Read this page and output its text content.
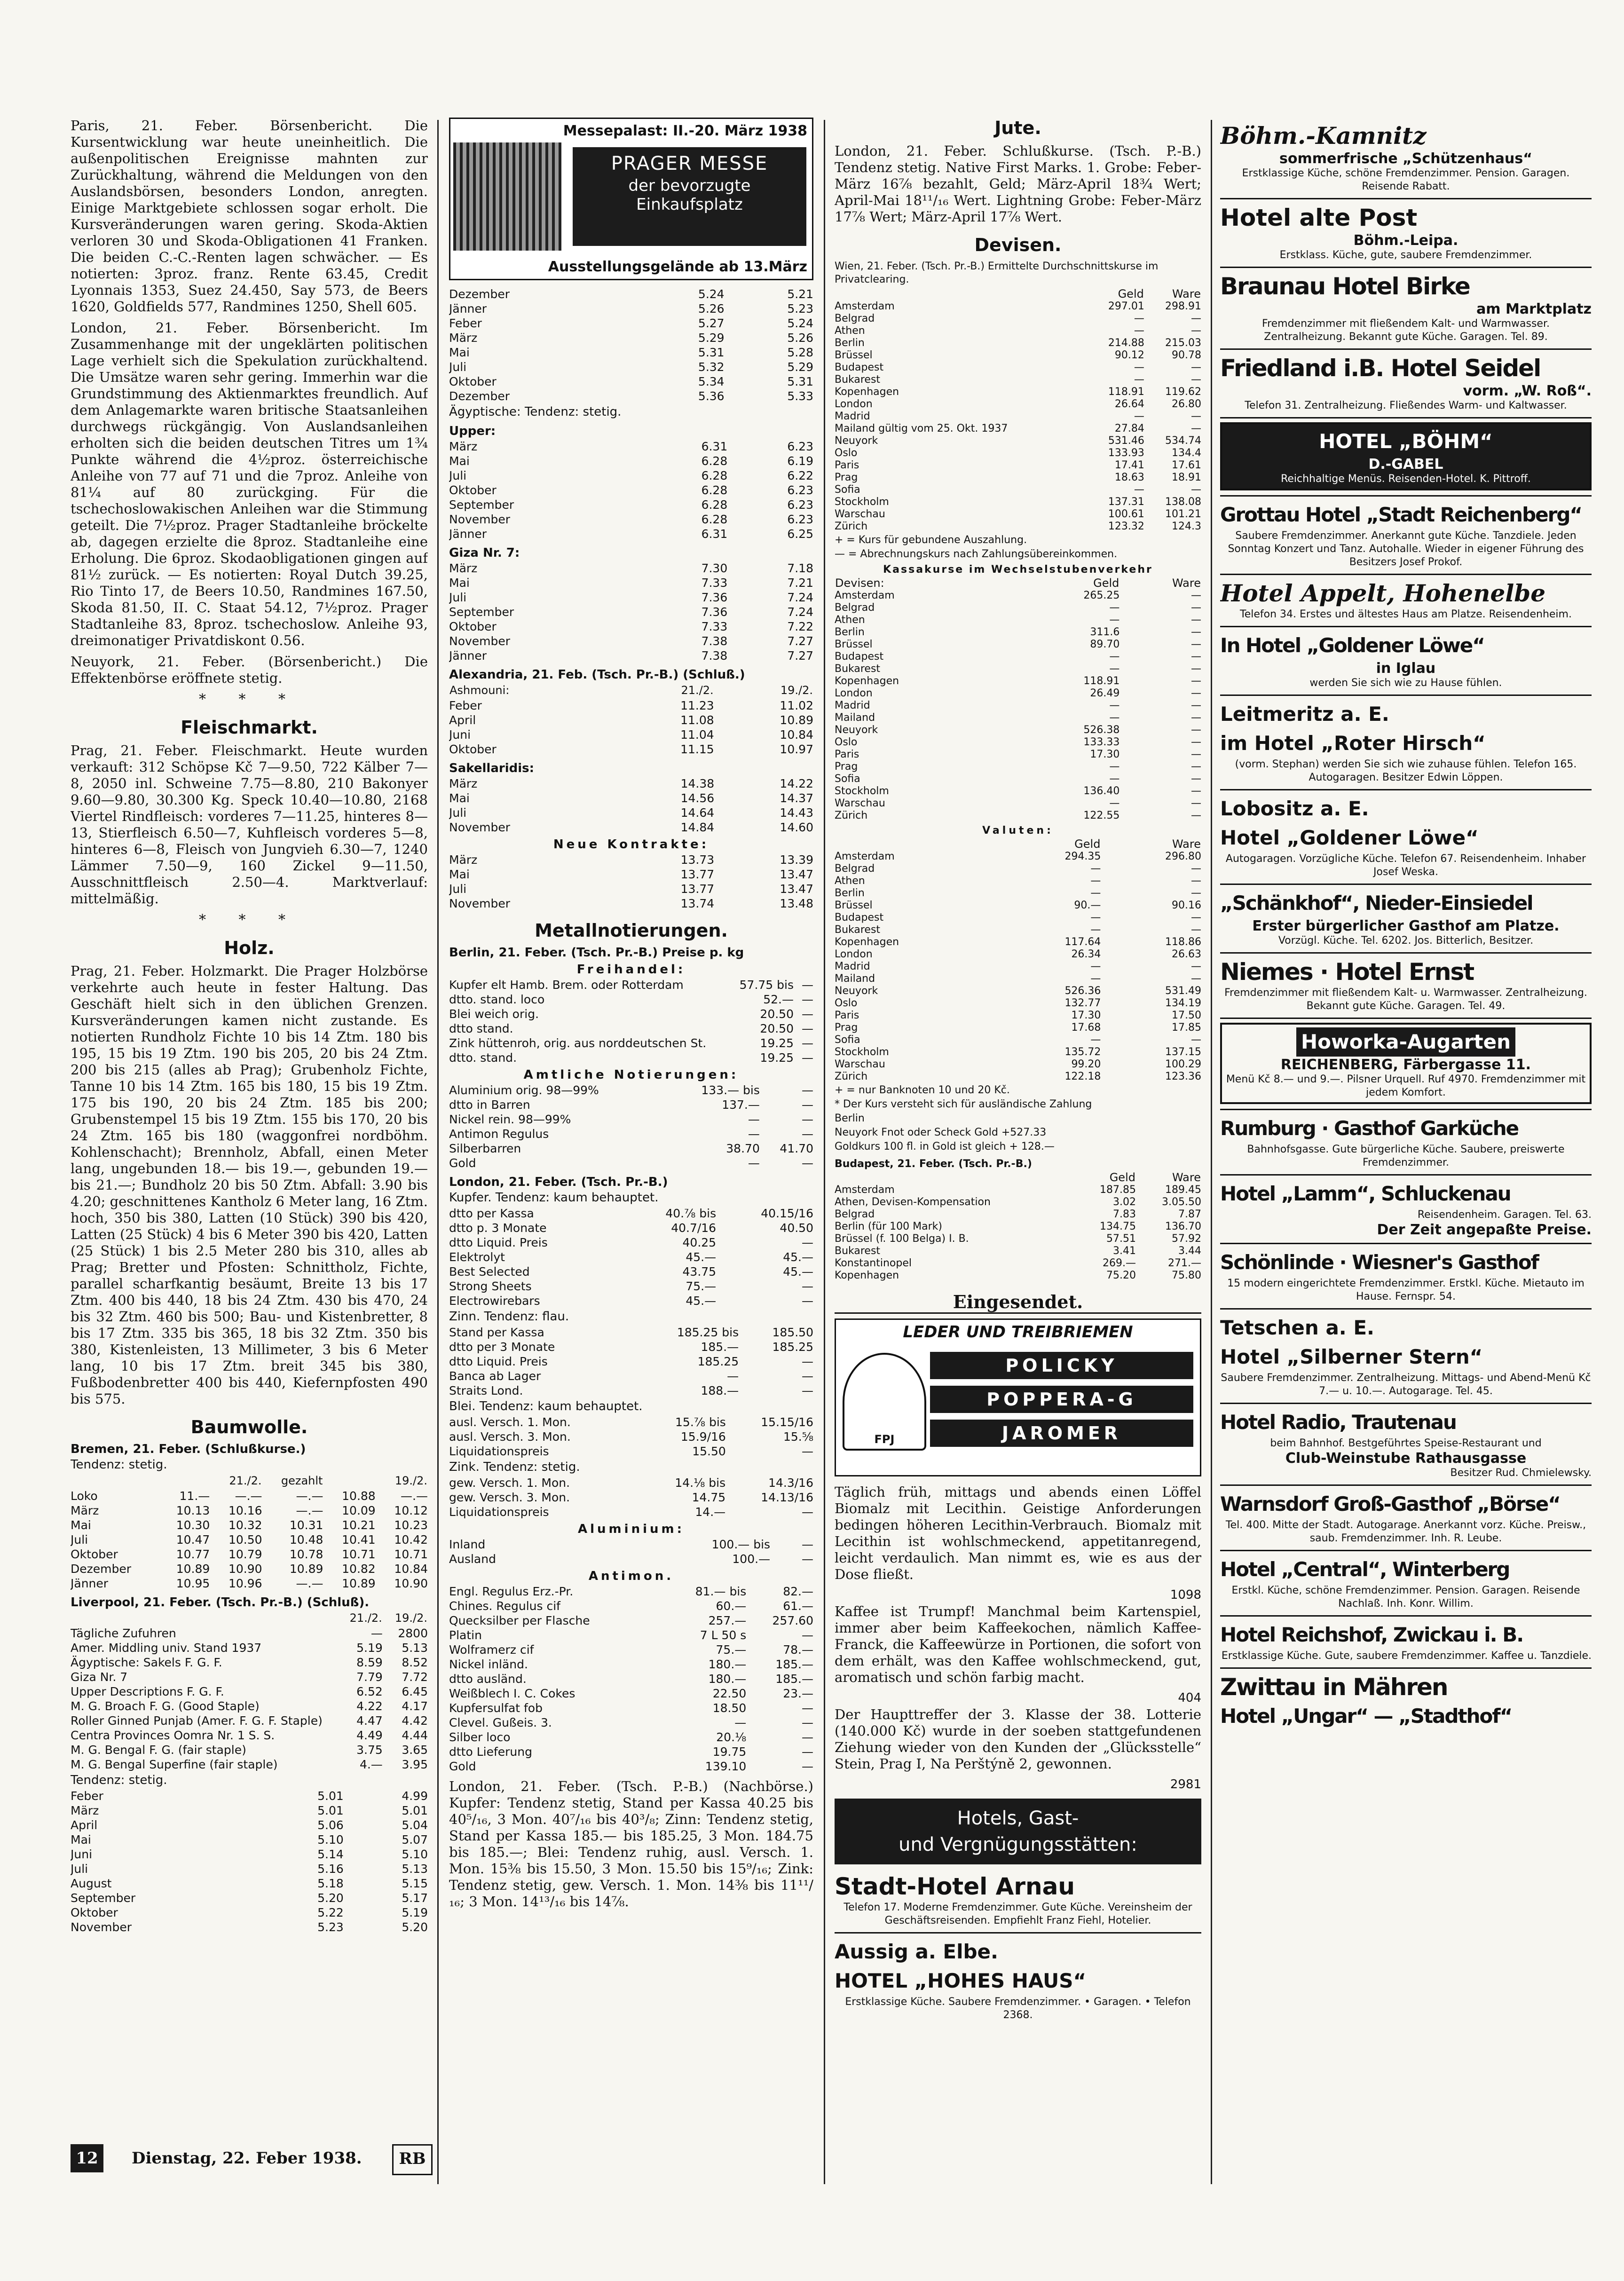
Paris, 21. Feber. Börsenbericht. Die Kursentwicklung war heute uneinheitlich. Die außenpolitischen Ereignisse mahnten zur Zurückhaltung, während die Meldungen von den Auslandsbörsen, besonders London, anregten. Einige Marktgebiete schlossen sogar erholt. Die Kursveränderungen waren gering. Skoda-Aktien verloren 30 und Skoda-Obligationen 41 Franken. Die beiden C.-C.-Renten lagen schwächer. — Es notierten: 3proz. franz. Rente 63.45, Credit Lyonnais 1353, Suez 24.450, Say 573, de Beers 1620, Goldfields 577, Randmines 1250, Shell 605.

London, 21. Feber. Börsenbericht. Im Zusammenhange mit der ungeklärten politischen Lage verhielt sich die Spekulation zurückhaltend. Die Umsätze waren sehr gering. Immerhin war die Grundstimmung des Aktienmarktes freundlich. Auf dem Anlagemarkte waren britische Staatsanleihen durchwegs rückgängig. Von Auslandsanleihen erholten sich die beiden deutschen Titres um 1¾ Punkte während die 4½proz. österreichische Anleihe von 77 auf 71 und die 7proz. Anleihe von 81¼ auf 80 zurückging. Für die tschechoslowakischen Anleihen war die Stimmung geteilt. Die 7½proz. Prager Stadtanleihe bröckelte ab, dagegen erzielte die 8proz. Stadtanleihe eine Erholung. Die 6proz. Skodaobligationen gingen auf 81½ zurück. — Es notierten: Royal Dutch 39.25, Rio Tinto 17, de Beers 10.50, Randmines 167.50, Skoda 81.50, II. C. Staat 54.12, 7½proz. Prager Stadtanleihe 83, 8proz. tschechoslow. Anleihe 93, dreimonatiger Privatdiskont 0.56.

Neuyork, 21. Feber. (Börsenbericht.) Die Effektenbörse eröffnete stetig.

* * *
Fleischmarkt.

Prag, 21. Feber. Fleischmarkt. Heute wurden verkauft: 312 Schöpse Kč 7—9.50, 722 Kälber 7—8, 2050 inl. Schweine 7.75—8.80, 210 Bakonyer 9.60—9.80, 30.300 Kg. Speck 10.40—10.80, 2168 Viertel Rindfleisch: vorderes 7—11.25, hinteres 8—13, Stierfleisch 6.50—7, Kuhfleisch vorderes 5—8, hinteres 6—8, Fleisch von Jungvieh 6.30—7, 1240 Lämmer 7.50—9, 160 Zickel 9—11.50, Ausschnittfleisch 2.50—4. Marktverlauf: mittelmäßig.

* * *
Holz.

Prag, 21. Feber. Holzmarkt. Die Prager Holzbörse verkehrte auch heute in fester Haltung. Das Geschäft hielt sich in den üblichen Grenzen. Kursveränderungen kamen nicht zustande. Es notierten Rundholz Fichte 10 bis 14 Ztm. 180 bis 195, 15 bis 19 Ztm. 190 bis 205, 20 bis 24 Ztm. 200 bis 215 (alles ab Prag); Grubenholz Fichte, Tanne 10 bis 14 Ztm. 165 bis 180, 15 bis 19 Ztm. 175 bis 190, 20 bis 24 Ztm. 185 bis 200; Grubenstempel 15 bis 19 Ztm. 155 bis 170, 20 bis 24 Ztm. 165 bis 180 (waggonfrei nordböhm. Kohlenschacht); Brennholz, Abfall, einen Meter lang, ungebunden 18.— bis 19.—, gebunden 19.— bis 21.—; Bundholz 20 bis 50 Ztm. Abfall: 3.90 bis 4.20; geschnittenes Kantholz 6 Meter lang, 16 Ztm. hoch, 350 bis 380, Latten (10 Stück) 390 bis 420, Latten (25 Stück) 4 bis 6 Meter 390 bis 420, Latten (25 Stück) 1 bis 2.5 Meter 280 bis 310, alles ab Prag; Bretter und Pfosten: Schnittholz, Fichte, parallel scharfkantig besäumt, Breite 13 bis 17 Ztm. 400 bis 440, 18 bis 24 Ztm. 430 bis 470, 24 bis 32 Ztm. 460 bis 500; Bau- und Kistenbretter, 8 bis 17 Ztm. 335 bis 365, 18 bis 32 Ztm. 350 bis 380, Kistenleisten, 13 Millimeter, 3 bis 6 Meter lang, 10 bis 17 Ztm. breit 345 bis 380, Fußbodenbretter 400 bis 440, Kiefernpfosten 490 bis 575.

Baumwolle.
Bremen, 21. Feber. (Schlußkurse.)
Tendenz: stetig.
	21./2.		gezahlt	19./2.	
Loko	11.—	—.—	—.—	10.88	—.—
März	10.13	10.16	—.—	10.09	10.12
Mai	10.30	10.32	10.31	10.21	10.23
Juli	10.47	10.50	10.48	10.41	10.42
Oktober	10.77	10.79	10.78	10.71	10.71
Dezember	10.89	10.90	10.89	10.82	10.84
Jänner	10.95	10.96	—.—	10.89	10.90
Liverpool, 21. Feber. (Tsch. Pr.-B.) (Schluß).
	21./2.	19./2.
Tägliche Zufuhren	—	2800
Amer. Middling univ. Stand 1937	5.19	5.13
Ägyptische: Sakels F. G. F.	8.59	8.52
Giza Nr. 7	7.79	7.72
Upper Descriptions F. G. F.	6.52	6.45
M. G. Broach F. G. (Good Staple)	4.22	4.17
Roller Ginned Punjab (Amer. F. G. F. Staple)	4.47	4.42
Centra Provinces Oomra Nr. 1 S. S.	4.49	4.44
M. G. Bengal F. G. (fair staple)	3.75	3.65
M. G. Bengal Superfine (fair staple)	4.—	3.95
Tendenz: stetig.
Feber	5.01	4.99
März	5.01	5.01
April	5.06	5.04
Mai	5.10	5.07
Juni	5.14	5.10
Juli	5.16	5.13
August	5.18	5.15
September	5.20	5.17
Oktober	5.22	5.19
November	5.23	5.20
Messepalast: II.-20. März 1938
PRAGER MESSE
der bevorzugte
Einkaufsplatz
Ausstellungsgelände ab 13.März
Dezember	5.24	5.21
Jänner	5.26	5.23
Feber	5.27	5.24
März	5.29	5.26
Mai	5.31	5.28
Juli	5.32	5.29
Oktober	5.34	5.31
Dezember	5.36	5.33
Ägyptische: Tendenz: stetig.
Upper:
März	6.31	6.23
Mai	6.28	6.19
Juli	6.28	6.22
Oktober	6.28	6.23
September	6.28	6.23
November	6.28	6.23
Jänner	6.31	6.25
Giza Nr. 7:
März	7.30	7.18
Mai	7.33	7.21
Juli	7.36	7.24
September	7.36	7.24
Oktober	7.33	7.22
November	7.38	7.27
Jänner	7.38	7.27
Alexandria, 21. Feb. (Tsch. Pr.-B.) (Schluß.)
Ashmouni:	21./2.	19./2.
Feber	11.23	11.02
April	11.08	10.89
Juni	11.04	10.84
Oktober	11.15	10.97
Sakellaridis:
März	14.38	14.22
Mai	14.56	14.37
Juli	14.64	14.43
November	14.84	14.60
Neue Kontrakte:
März	13.73	13.39
Mai	13.77	13.47
Juli	13.77	13.47
November	13.74	13.48
Metallnotierungen.
Berlin, 21. Feber. (Tsch. Pr.-B.) Preise p. kg
Freihandel:
Kupfer elt Hamb. Brem. oder Rotterdam	57.75 bis	—
dtto. stand. loco	52.—	—
Blei weich orig.	20.50	—
dtto stand.	20.50	—
Zink hüttenroh, orig. aus norddeutschen St.	19.25	—
dtto. stand.	19.25	—
Amtliche Notierungen:
Aluminium orig. 98—99%	133.— bis	—
dtto in Barren	137.—	—
Nickel rein. 98—99%	—	—
Antimon Regulus	—	—
Silberbarren	38.70	41.70
Gold	—	—
London, 21. Feber. (Tsch. Pr.-B.)
Kupfer. Tendenz: kaum behauptet.
dtto per Kassa	40.⅞ bis	40.15/16
dtto p. 3 Monate	40.7/16	40.50
dtto Liquid. Preis	40.25	—
Elektrolyt	45.—	45.—
Best Selected	43.75	45.—
Strong Sheets	75.—	—
Electrowirebars	45.—	—
Zinn. Tendenz: flau.
Stand per Kassa	185.25 bis	185.50
dtto per 3 Monate	185.—	185.25
dtto Liquid. Preis	185.25	—
Banca ab Lager	—	—
Straits Lond.	188.—	—
Blei. Tendenz: kaum behauptet.
ausl. Versch. 1. Mon.	15.⅞ bis	15.15/16
ausl. Versch. 3. Mon.	15.9/16	15.⅝
Liquidationspreis	15.50	—
Zink. Tendenz: stetig.
gew. Versch. 1. Mon.	14.⅛ bis	14.3/16
gew. Versch. 3. Mon.	14.75	14.13/16
Liquidationspreis	14.—	—
Aluminium:
Inland	100.— bis	—
Ausland	100.—	—
Antimon.
Engl. Regulus Erz.-Pr.	81.— bis	82.—
Chines. Regulus cif	60.—	61.—
Quecksilber per Flasche	257.—	257.60
Platin	7 L 50 s	—
Wolframerz cif	75.—	78.—
Nickel inländ.	180.—	185.—
dtto ausländ.	180.—	185.—
Weißblech I. C. Cokes	22.50	23.—
Kupfersulfat fob	18.50	—
Clevel. Gußeis. 3.	—	—
Silber loco	20.⅛	—
dtto Lieferung	19.75	—
Gold	139.10	—

London, 21. Feber. (Tsch. P.-B.) (Nachbörse.) Kupfer: Tendenz stetig, Stand per Kassa 40.25 bis 40⁵/₁₆, 3 Mon. 40⁷/₁₆ bis 40³/₈; Zinn: Tendenz stetig, Stand per Kassa 185.— bis 185.25, 3 Mon. 184.75 bis 185.—; Blei: Tendenz ruhig, ausl. Versch. 1. Mon. 15⅜ bis 15.50, 3 Mon. 15.50 bis 15⁹/₁₆; Zink: Tendenz stetig, gew. Versch. 1. Mon. 14⅜ bis 11¹¹/₁₆; 3 Mon. 14¹³/₁₆ bis 14⅞.

Jute.

London, 21. Feber. Schlußkurse. (Tsch. P.-B.) Tendenz stetig. Native First Marks. 1. Grobe: Feber-März 16⅞ bezahlt, Geld; März-April 18¾ Wert; April-Mai 18¹¹/₁₆ Wert. Lightning Grobe: Feber-März 17⅞ Wert; März-April 17⅞ Wert.

Devisen.
Wien, 21. Feber. (Tsch. Pr.-B.) Ermittelte Durchschnittskurse im Privatclearing.
	Geld	Ware
Amsterdam	297.01	298.91
Belgrad	—	—
Athen	—	—
Berlin	214.88	215.03
Brüssel	90.12	90.78
Budapest	—	—
Bukarest	—	—
Kopenhagen	118.91	119.62
London	26.64	26.80
Madrid	—	—
Mailand gültig vom 25. Okt. 1937	27.84	—
Neuyork	531.46	534.74
Oslo	133.93	134.4
Paris	17.41	17.61
Prag	18.63	18.91
Sofia	—	—
Stockholm	137.31	138.08
Warschau	100.61	101.21
Zürich	123.32	124.3
+ = Kurs für gebundene Auszahlung.
— = Abrechnungskurs nach Zahlungsübereinkommen.
Kassakurse im Wechselstubenverkehr
Devisen:	Geld	Ware
Amsterdam	265.25	—
Belgrad	—	—
Athen	—	—
Berlin	311.6	—
Brüssel	89.70	—
Budapest	—	—
Bukarest	—	—
Kopenhagen	118.91	—
London	26.49	—
Madrid	—	—
Mailand	—	—
Neuyork	526.38	—
Oslo	133.33	—
Paris	17.30	—
Prag	—	—
Sofia	—	—
Stockholm	136.40	—
Warschau	—	—
Zürich	122.55	—
Valuten:
	Geld	Ware
Amsterdam	294.35	296.80
Belgrad	—	—
Athen	—	—
Berlin	—	—
Brüssel	90.—	90.16
Budapest	—	—
Bukarest	—	—
Kopenhagen	117.64	118.86
London	26.34	26.63
Madrid	—	—
Mailand	—	—
Neuyork	526.36	531.49
Oslo	132.77	134.19
Paris	17.30	17.50
Prag	17.68	17.85
Sofia	—	—
Stockholm	135.72	137.15
Warschau	99.20	100.29
Zürich	122.18	123.36
+ = nur Banknoten 10 und 20 Kč.
* Der Kurs versteht sich für ausländische Zahlung
Berlin
Neuyork Fnot oder Scheck Gold +527.33
Goldkurs 100 fl. in Gold ist gleich + 128.—
Budapest, 21. Feber. (Tsch. Pr.-B.)
	Geld	Ware
Amsterdam	187.85	189.45
Athen, Devisen-Kompensation	3.02	3.05.50
Belgrad	7.83	7.87
Berlin (für 100 Mark)	134.75	136.70
Brüssel (f. 100 Belga) I. B.	57.51	57.92
Bukarest	3.41	3.44
Konstantinopel	269.—	271.—
Kopenhagen	75.20	75.80
Eingesendet.
LEDER UND TREIBRIEMEN
FPJ
POLICKY
POPPERA-G
JAROMER

Täglich früh, mittags und abends einen Löffel Biomalz mit Lecithin. Geistige Anforderungen bedingen höheren Lecithin-Verbrauch. Biomalz mit Lecithin ist wohlschmeckend, appetitanregend, leicht verdaulich. Man nimmt es, wie es aus der Dose fließt.

1098

Kaffee ist Trumpf! Manchmal beim Kartenspiel, immer aber beim Kaffeekochen, nämlich Kaffee-Franck, die Kaffeewürze in Portionen, die sofort von dem erhält, was den Kaffee wohlschmeckend, gut, aromatisch und schön farbig macht.

404

Der Haupttreffer der 3. Klasse der 38. Lotterie (140.000 Kč) wurde in der soeben stattgefundenen Ziehung wieder von den Kunden der „Glücksstelle“ Stein, Prag I, Na Perštýně 2, gewonnen.

2981
Hotels, Gast-
und Vergnügungsstätten:
Stadt-Hotel Arnau
Telefon 17. Moderne Fremdenzimmer. Gute Küche. Vereinsheim der Geschäftsreisenden. Empfiehlt Franz Fiehl, Hotelier.
Aussig a. Elbe.
HOTEL „HOHES HAUS“
Erstklassige Küche. Saubere Fremdenzimmer. • Garagen. • Telefon 2368.
Böhm.-Kamnitz
sommerfrische „Schützenhaus“
Erstklassige Küche, schöne Fremdenzimmer. Pension. Garagen. Reisende Rabatt.
Hotel alte Post
Böhm.-Leipa.
Erstklass. Küche, gute, saubere Fremdenzimmer.
Braunau Hotel Birke
am Marktplatz
Fremdenzimmer mit fließendem Kalt- und Warmwasser. Zentralheizung. Bekannt gute Küche. Garagen. Tel. 89.
Friedland i.B. Hotel Seidel
vorm. „W. Roß“.
Telefon 31. Zentralheizung. Fließendes Warm- und Kaltwasser.
HOTEL „BÖHM“
D.-GABEL
Reichhaltige Menüs. Reisenden-Hotel. K. Pittroff.
Grottau Hotel „Stadt Reichenberg“
Saubere Fremdenzimmer. Anerkannt gute Küche. Tanzdiele. Jeden Sonntag Konzert und Tanz. Autohalle. Wieder in eigener Führung des Besitzers Josef Prokof.
Hotel Appelt, Hohenelbe
Telefon 34. Erstes und ältestes Haus am Platze. Reisendenheim.
In Hotel „Goldener Löwe“
in Iglau
werden Sie sich wie zu Hause fühlen.
Leitmeritz a. E.
im Hotel „Roter Hirsch“
(vorm. Stephan) werden Sie sich wie zuhause fühlen. Telefon 165. Autogaragen. Besitzer Edwin Löppen.
Lobositz a. E.
Hotel „Goldener Löwe“
Autogaragen. Vorzügliche Küche. Telefon 67. Reisendenheim. Inhaber Josef Weska.
„Schänkhof“, Nieder-Einsiedel
Erster bürgerlicher Gasthof am Platze.
Vorzügl. Küche. Tel. 6202. Jos. Bitterlich, Besitzer.
Niemes · Hotel Ernst
Fremdenzimmer mit fließendem Kalt- u. Warmwasser. Zentralheizung. Bekannt gute Küche. Garagen. Tel. 49.
Howorka-Augarten
REICHENBERG, Färbergasse 11.
Menü Kč 8.— und 9.—. Pilsner Urquell. Ruf 4970. Fremdenzimmer mit jedem Komfort.
Rumburg · Gasthof Garküche
Bahnhofsgasse. Gute bürgerliche Küche. Saubere, preiswerte Fremdenzimmer.
Hotel „Lamm“, Schluckenau
Reisendenheim. Garagen. Tel. 63.
Der Zeit angepaßte Preise.
Schönlinde · Wiesner's Gasthof
15 modern eingerichtete Fremdenzimmer. Erstkl. Küche. Mietauto im Hause. Fernspr. 54.
Tetschen a. E.
Hotel „Silberner Stern“
Saubere Fremdenzimmer. Zentralheizung. Mittags- und Abend-Menü Kč 7.— u. 10.—. Autogarage. Tel. 45.
Hotel Radio, Trautenau
beim Bahnhof. Bestgeführtes Speise-Restaurant und
Club-Weinstube Rathausgasse
Besitzer Rud. Chmielewsky.
Warnsdorf Groß-Gasthof „Börse“
Tel. 400. Mitte der Stadt. Autogarage. Anerkannt vorz. Küche. Preisw., saub. Fremdenzimmer. Inh. R. Leube.
Hotel „Central“, Winterberg
Erstkl. Küche, schöne Fremdenzimmer. Pension. Garagen. Reisende Nachlaß. Inh. Konr. Willim.
Hotel Reichshof, Zwickau i. B.
Erstklassige Küche. Gute, saubere Fremdenzimmer. Kaffee u. Tanzdiele.
Zwittau in Mähren
Hotel „Ungar“ — „Stadthof“
12	Dienstag, 22. Feber 1938.	RB
